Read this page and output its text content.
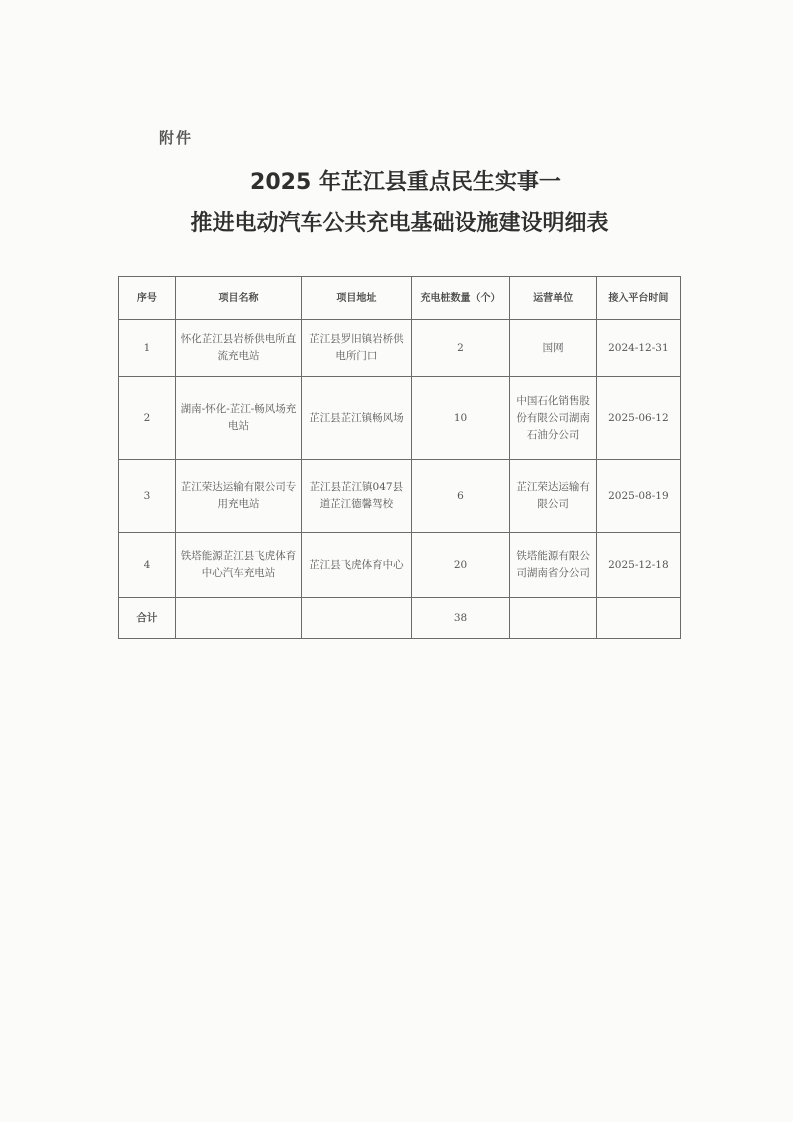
附件
2025 年芷江县重点民生实事一
推进电动汽车公共充电基础设施建设明细表
序号	项目名称	项目地址	充电桩数量（个）	运营单位	接入平台时间
1	怀化芷江县岩桥供电所直流充电站	芷江县罗旧镇岩桥供电所门口	2	国网	2024-12-31
2	湖南-怀化-芷江-畅风场充电站	芷江县芷江镇畅风场	10	中国石化销售股份有限公司湖南石油分公司	2025-06-12
3	芷江荣达运输有限公司专用充电站	芷江县芷江镇047县道芷江德馨驾校	6	芷江荣达运输有限公司	2025-08-19
4	铁塔能源芷江县飞虎体育中心汽车充电站	芷江县飞虎体育中心	20	铁塔能源有限公司湖南省分公司	2025-12-18
合计			38		
